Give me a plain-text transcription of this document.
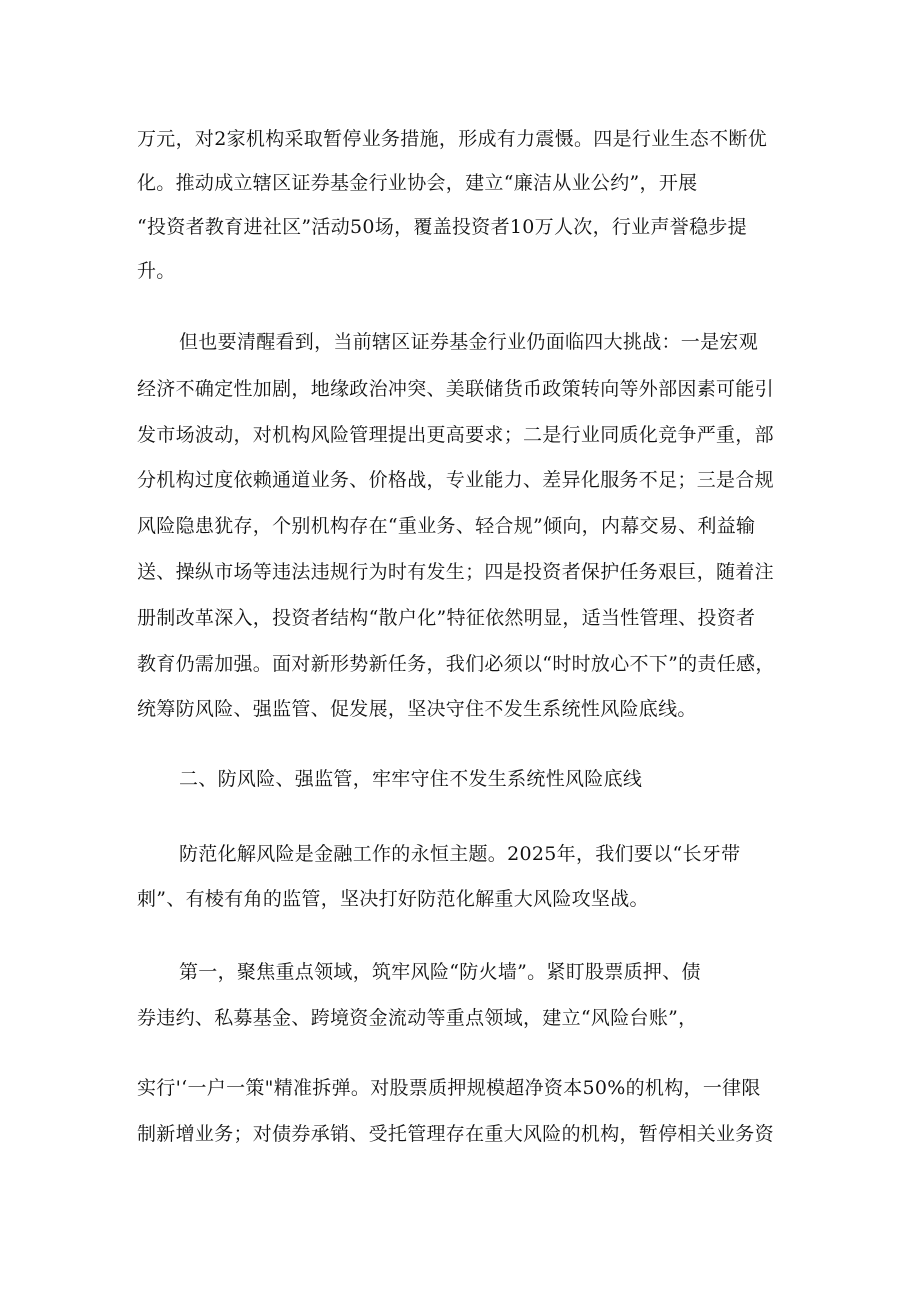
万元，对2家机构采取暂停业务措施，形成有力震慑。四是行业生态不断优
化。推动成立辖区证券基金行业协会，建立“廉洁从业公约”，开展
“投资者教育进社区”活动50场，覆盖投资者10万人次，行业声誉稳步提
升。
但也要清醒看到，当前辖区证券基金行业仍面临四大挑战：一是宏观
经济不确定性加剧，地缘政治冲突、美联储货币政策转向等外部因素可能引
发市场波动，对机构风险管理提出更高要求；二是行业同质化竞争严重，部
分机构过度依赖通道业务、价格战，专业能力、差异化服务不足；三是合规
风险隐患犹存，个别机构存在“重业务、轻合规”倾向，内幕交易、利益输
送、操纵市场等违法违规行为时有发生；四是投资者保护任务艰巨，随着注
册制改革深入，投资者结构“散户化”特征依然明显，适当性管理、投资者
教育仍需加强。面对新形势新任务，我们必须以“时时放心不下”的责任感，
统筹防风险、强监管、促发展，坚决守住不发生系统性风险底线。
二、防风险、强监管，牢牢守住不发生系统性风险底线
防范化解风险是金融工作的永恒主题。2025年，我们要以“长牙带
刺”、有棱有角的监管，坚决打好防范化解重大风险攻坚战。
第一，聚焦重点领域，筑牢风险“防火墙”。紧盯股票质押、债
券违约、私募基金、跨境资金流动等重点领域，建立“风险台账”，
实行'‘一户一策"精准拆弹。对股票质押规模超净资本50%的机构，一律限
制新增业务；对债券承销、受托管理存在重大风险的机构，暂停相关业务资
